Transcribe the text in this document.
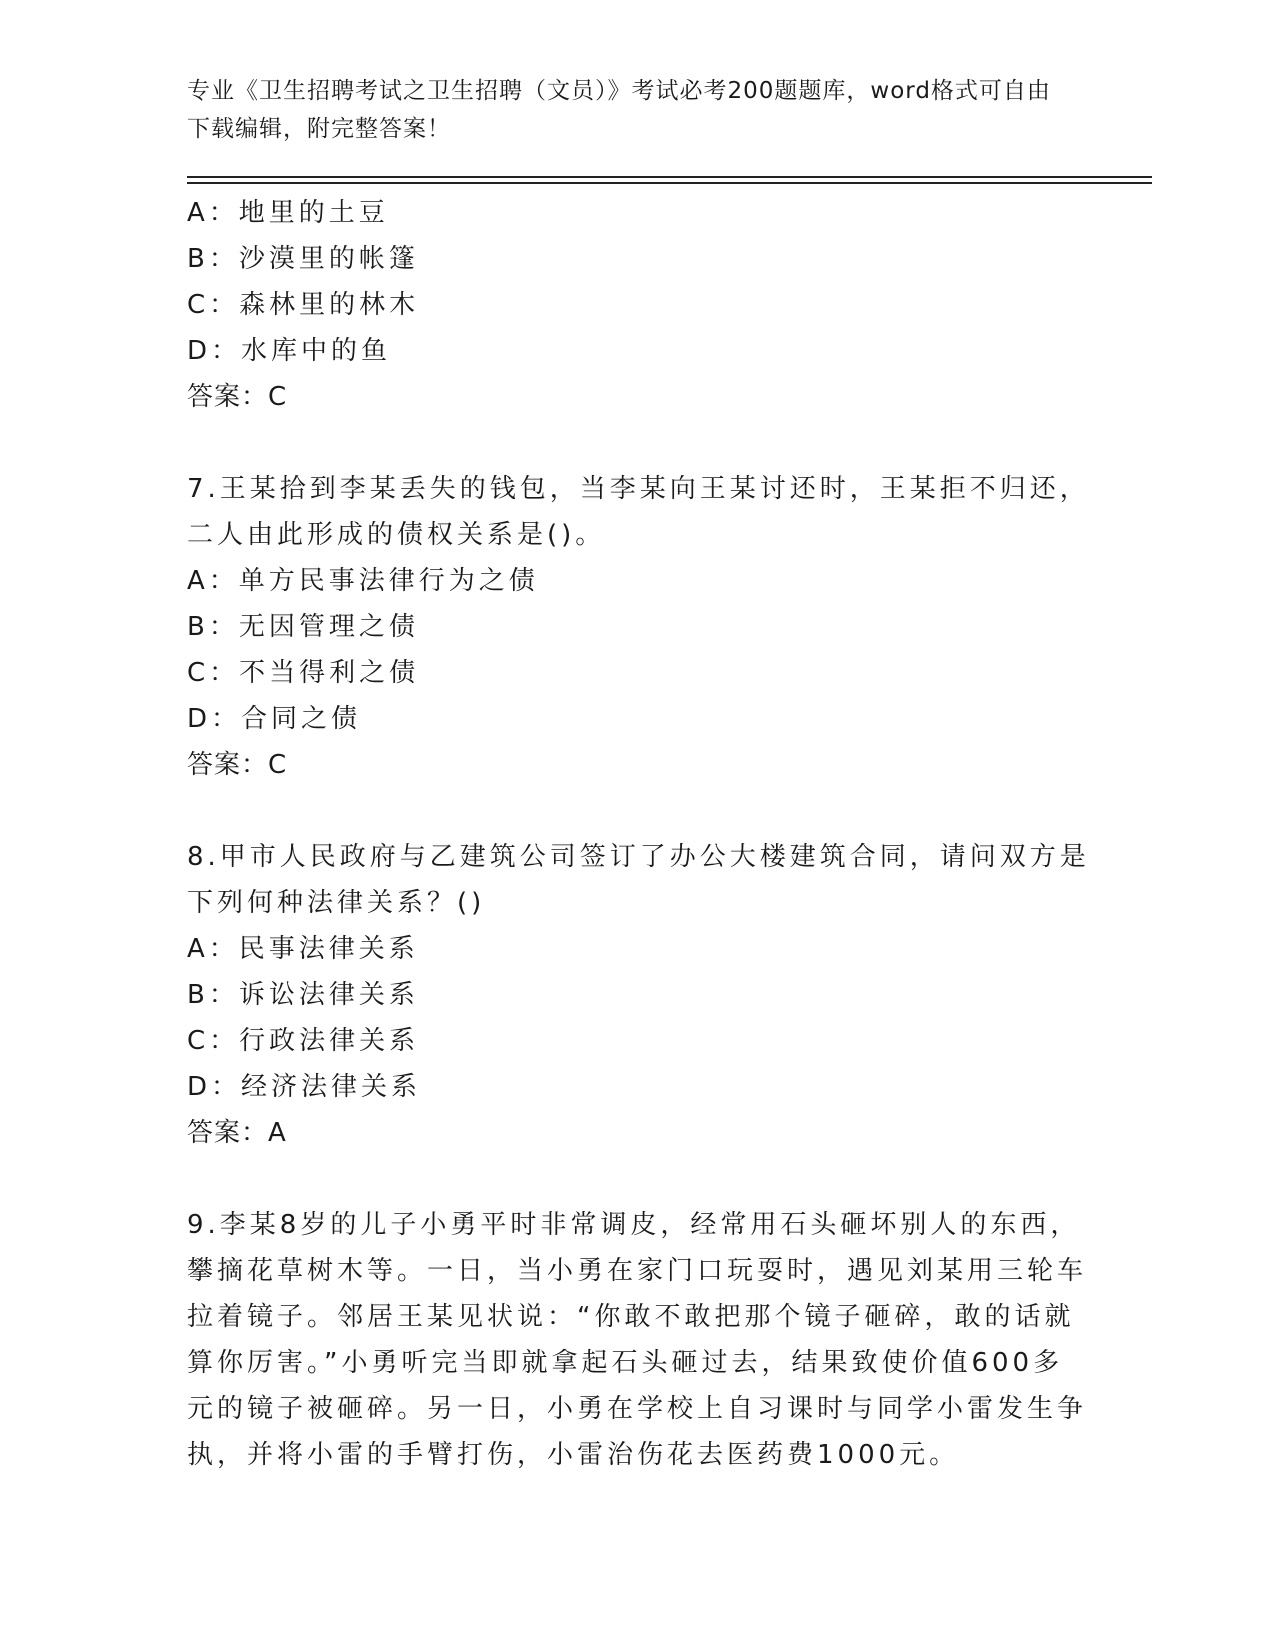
专业《卫生招聘考试之卫生招聘（文员）》考试必考200题题库，word格式可自由下载编辑，附完整答案！
A：地里的土豆
B：沙漠里的帐篷
C：森林里的林木
D：水库中的鱼
答案：C
7.王某拾到李某丢失的钱包，当李某向王某讨还时，王某拒不归还，
二人由此形成的债权关系是()。
A：单方民事法律行为之债
B：无因管理之债
C：不当得利之债
D：合同之债
答案：C
8.甲市人民政府与乙建筑公司签订了办公大楼建筑合同，请问双方是
下列何种法律关系？()
A：民事法律关系
B：诉讼法律关系
C：行政法律关系
D：经济法律关系
答案：A
9.李某8岁的儿子小勇平时非常调皮，经常用石头砸坏别人的东西，
攀摘花草树木等。一日，当小勇在家门口玩耍时，遇见刘某用三轮车
拉着镜子。邻居王某见状说：“你敢不敢把那个镜子砸碎，敢的话就
算你厉害。”小勇听完当即就拿起石头砸过去，结果致使价值600多
元的镜子被砸碎。另一日，小勇在学校上自习课时与同学小雷发生争
执，并将小雷的手臂打伤，小雷治伤花去医药费1000元。
